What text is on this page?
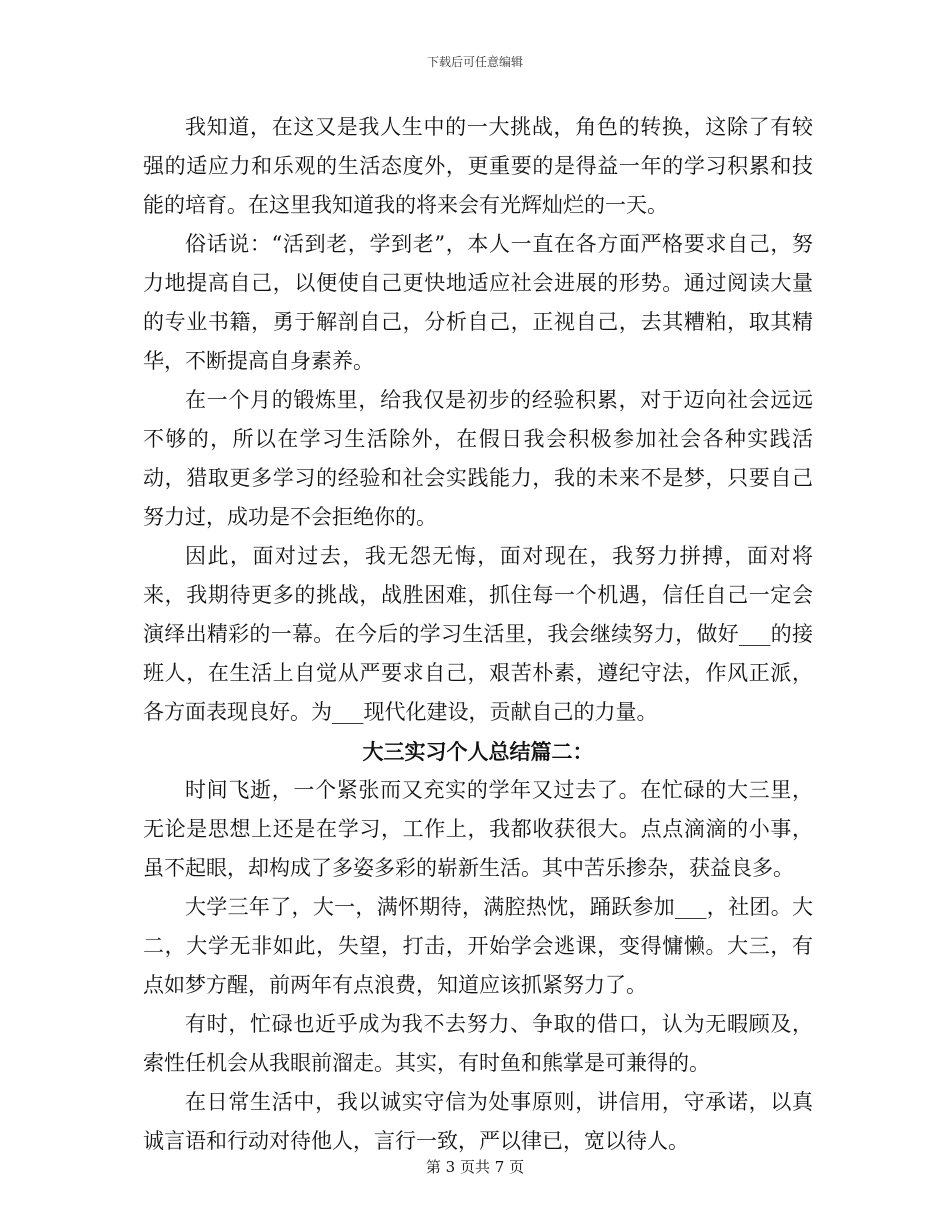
下载后可任意编辑

我知道，在这又是我人生中的一大挑战，角色的转换，这除了有较强的适应力和乐观的生活态度外，更重要的是得益一年的学习积累和技能的培育。在这里我知道我的将来会有光辉灿烂的一天。

俗话说：“活到老，学到老”，本人一直在各方面严格要求自己，努力地提高自己，以便使自己更快地适应社会进展的形势。通过阅读大量的专业书籍，勇于解剖自己，分析自己，正视自己，去其糟粕，取其精华，不断提高自身素养。

在一个月的锻炼里，给我仅是初步的经验积累，对于迈向社会远远不够的，所以在学习生活除外，在假日我会积极参加社会各种实践活动，猎取更多学习的经验和社会实践能力，我的未来不是梦，只要自己努力过，成功是不会拒绝你的。

因此，面对过去，我无怨无悔，面对现在，我努力拼搏，面对将来，我期待更多的挑战，战胜困难，抓住每一个机遇，信任自己一定会演绎出精彩的一幕。在今后的学习生活里，我会继续努力，做好___的接班人，在生活上自觉从严要求自己，艰苦朴素，遵纪守法，作风正派，各方面表现良好。为___现代化建设，贡献自己的力量。

大三实习个人总结篇二：

时间飞逝，一个紧张而又充实的学年又过去了。在忙碌的大三里，无论是思想上还是在学习，工作上，我都收获很大。点点滴滴的小事，虽不起眼，却构成了多姿多彩的崭新生活。其中苦乐掺杂，获益良多。

大学三年了，大一，满怀期待，满腔热忱，踊跃参加___，社团。大二，大学无非如此，失望，打击，开始学会逃课，变得慵懒。大三，有点如梦方醒，前两年有点浪费，知道应该抓紧努力了。

有时，忙碌也近乎成为我不去努力、争取的借口，认为无暇顾及，索性任机会从我眼前溜走。其实，有时鱼和熊掌是可兼得的。

在日常生活中，我以诚实守信为处事原则，讲信用，守承诺，以真诚言语和行动对待他人，言行一致，严以律已，宽以待人。

第 3 页共 7 页
